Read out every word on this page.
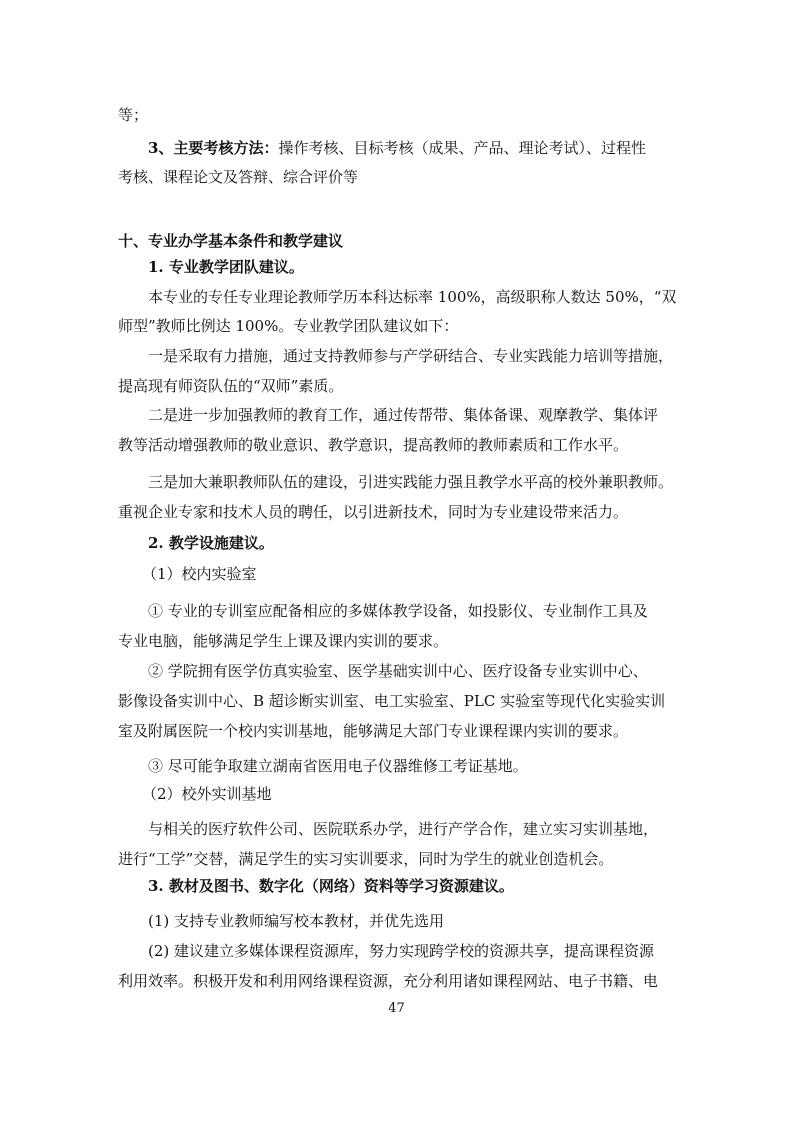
等；
3、主要考核方法：操作考核、目标考核（成果、产品、理论考试）、过程性
考核、课程论文及答辩、综合评价等
十、专业办学基本条件和教学建议
1. 专业教学团队建议。
本专业的专任专业理论教师学历本科达标率 100%，高级职称人数达 50%，“双
师型”教师比例达 100%。专业教学团队建议如下：
一是采取有力措施，通过支持教师参与产学研结合、专业实践能力培训等措施，
提高现有师资队伍的“双师”素质。
二是进一步加强教师的教育工作，通过传帮带、集体备课、观摩教学、集体评
教等活动增强教师的敬业意识、教学意识，提高教师的教师素质和工作水平。
三是加大兼职教师队伍的建设，引进实践能力强且教学水平高的校外兼职教师。
重视企业专家和技术人员的聘任，以引进新技术，同时为专业建设带来活力。
2. 教学设施建议。
（1）校内实验室
① 专业的专训室应配备相应的多媒体教学设备，如投影仪、专业制作工具及
专业电脑，能够满足学生上课及课内实训的要求。
② 学院拥有医学仿真实验室、医学基础实训中心、医疗设备专业实训中心、
影像设备实训中心、B 超诊断实训室、电工实验室、PLC 实验室等现代化实验实训
室及附属医院一个校内实训基地，能够满足大部门专业课程课内实训的要求。
③ 尽可能争取建立湖南省医用电子仪器维修工考证基地。
（2）校外实训基地
与相关的医疗软件公司、医院联系办学，进行产学合作，建立实习实训基地，
进行“工学”交替，满足学生的实习实训要求，同时为学生的就业创造机会。
3. 教材及图书、数字化（网络）资料等学习资源建议。
(1) 支持专业教师编写校本教材，并优先选用
(2) 建议建立多媒体课程资源库，努力实现跨学校的资源共享，提高课程资源
利用效率。积极开发和利用网络课程资源，充分利用诸如课程网站、电子书籍、电
47
